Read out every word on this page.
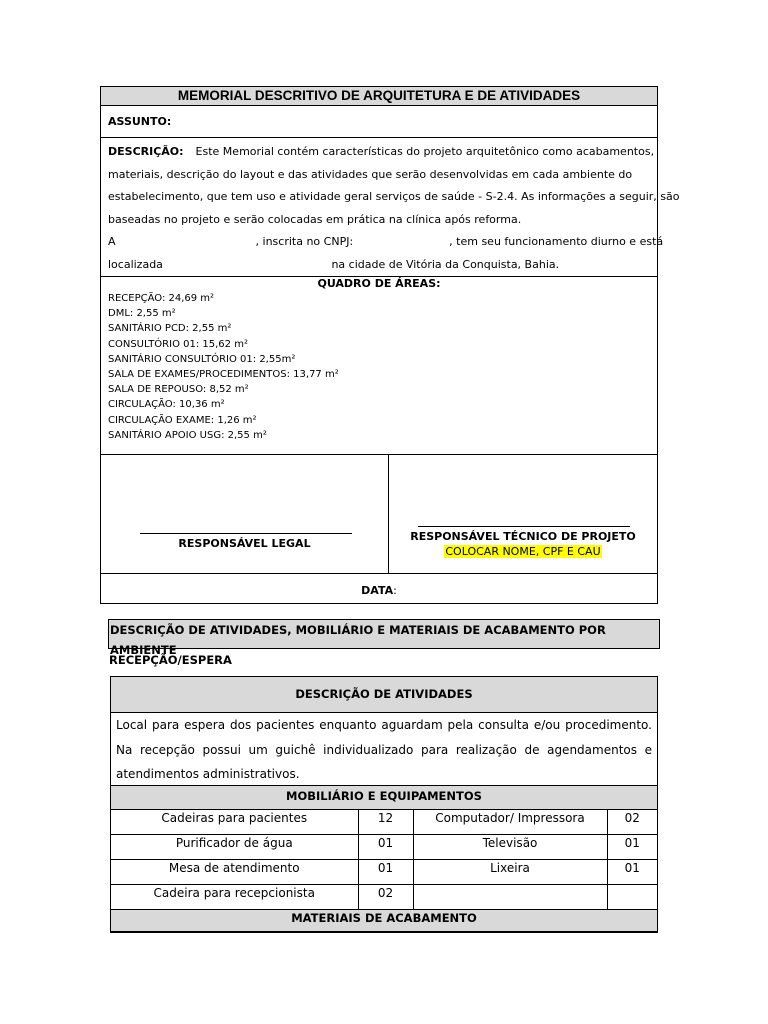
MEMORIAL DESCRITIVO DE ARQUITETURA E DE ATIVIDADES
ASSUNTO:
DESCRIÇÃO: Este Memorial contém características do projeto arquitetônico como acabamentos,
materiais, descrição do layout e das atividades que serão desenvolvidas em cada ambiente do
estabelecimento, que tem uso e atividade geral serviços de saúde - S-2.4. As informações a seguir, são
baseadas no projeto e serão colocadas em prática na clínica após reforma.
A	, inscrita no CNPJ:	, tem seu funcionamento diurno e está
localizada	na cidade de Vitória da Conquista, Bahia.
QUADRO DE ÁREAS:
RECEPÇÃO: 24,69 m²
DML: 2,55 m²
SANITÁRIO PCD: 2,55 m²
CONSULTÓRIO 01: 15,62 m²
SANITÁRIO CONSULTÓRIO 01: 2,55m²
SALA DE EXAMES/PROCEDIMENTOS: 13,77 m²
SALA DE REPOUSO: 8,52 m²
CIRCULAÇÃO: 10,36 m²
CIRCULAÇÃO EXAME: 1,26 m²
SANITÁRIO APOIO USG: 2,55 m²
RESPONSÁVEL LEGAL
RESPONSÁVEL TÉCNICO DE PROJETO
COLOCAR NOME, CPF E CAU
DATA:
DESCRIÇÃO DE ATIVIDADES, MOBILIÁRIO E MATERIAIS DE ACABAMENTO POR AMBIENTE
RECEPÇÃO/ESPERA
DESCRIÇÃO DE ATIVIDADES
Local para espera dos pacientes enquanto aguardam pela consulta e/ou procedimento. Na recepção possui um guichê individualizado para realização de agendamentos e atendimentos administrativos.
MOBILIÁRIO E EQUIPAMENTOS
Cadeiras para pacientes	12	Computador/ Impressora	02
Purificador de água	01	Televisão	01
Mesa de atendimento	01	Lixeira	01
Cadeira para recepcionista	02		
MATERIAIS DE ACABAMENTO
